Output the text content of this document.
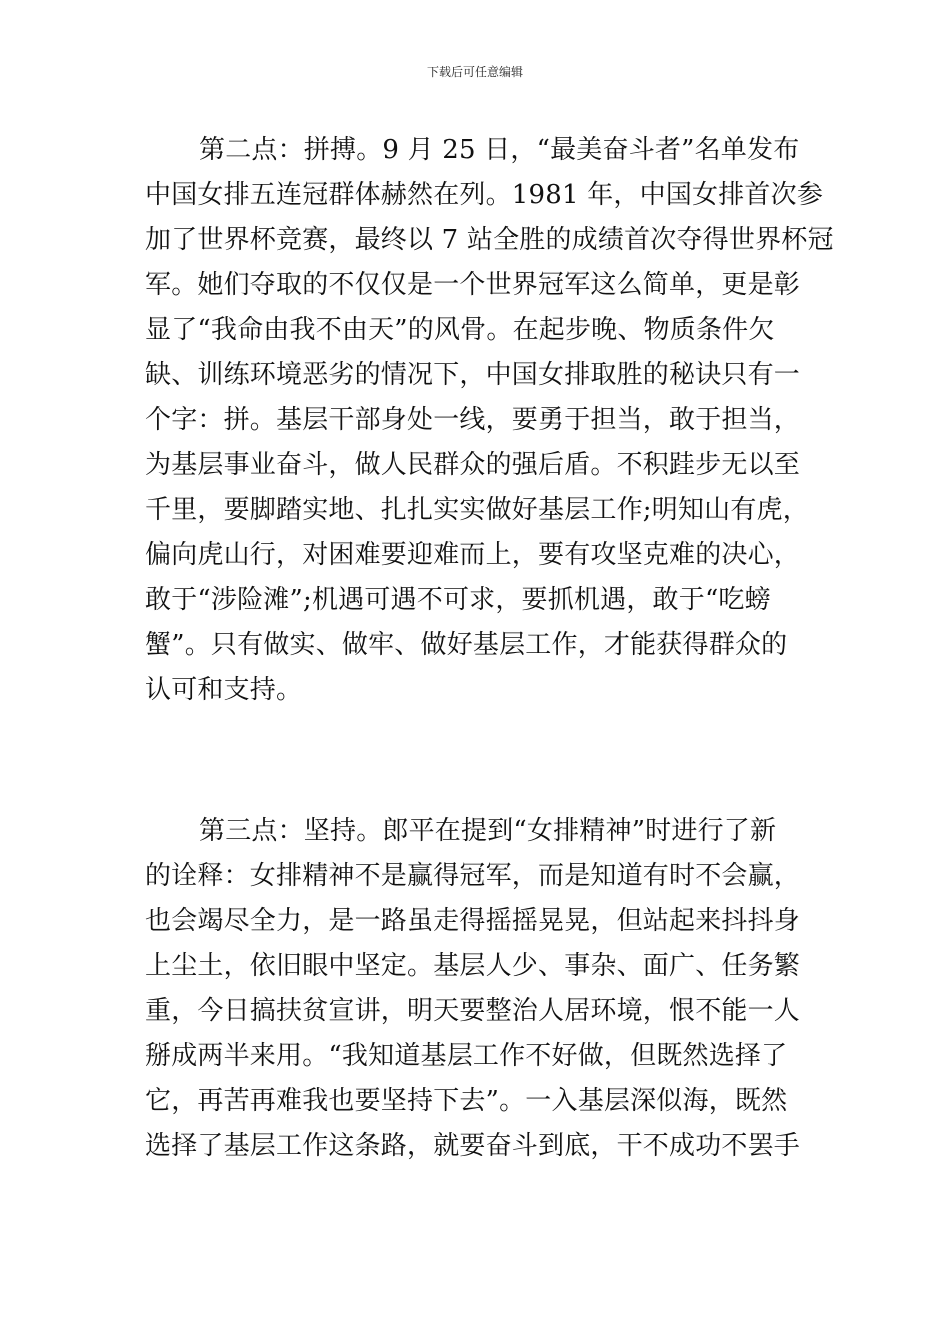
下载后可任意编辑
第二点：拼搏。9 月 25 日，“最美奋斗者”名单发布
中国女排五连冠群体赫然在列。1981 年，中国女排首次参
加了世界杯竞赛，最终以 7 站全胜的成绩首次夺得世界杯冠
军。她们夺取的不仅仅是一个世界冠军这么简单，更是彰
显了“我命由我不由天”的风骨。在起步晚、物质条件欠
缺、训练环境恶劣的情况下，中国女排取胜的秘诀只有一
个字：拼。基层干部身处一线，要勇于担当，敢于担当，
为基层事业奋斗，做人民群众的强后盾。不积跬步无以至
千里，要脚踏实地、扎扎实实做好基层工作;明知山有虎，
偏向虎山行，对困难要迎难而上，要有攻坚克难的决心，
敢于“涉险滩”;机遇可遇不可求，要抓机遇，敢于“吃螃
蟹”。只有做实、做牢、做好基层工作，才能获得群众的
认可和支持。
第三点：坚持。郎平在提到“女排精神”时进行了新
的诠释：女排精神不是赢得冠军，而是知道有时不会赢，
也会竭尽全力，是一路虽走得摇摇晃晃，但站起来抖抖身
上尘土，依旧眼中坚定。基层人少、事杂、面广、任务繁
重，今日搞扶贫宣讲，明天要整治人居环境，恨不能一人
掰成两半来用。“我知道基层工作不好做，但既然选择了
它，再苦再难我也要坚持下去”。一入基层深似海，既然
选择了基层工作这条路，就要奋斗到底，干不成功不罢手
